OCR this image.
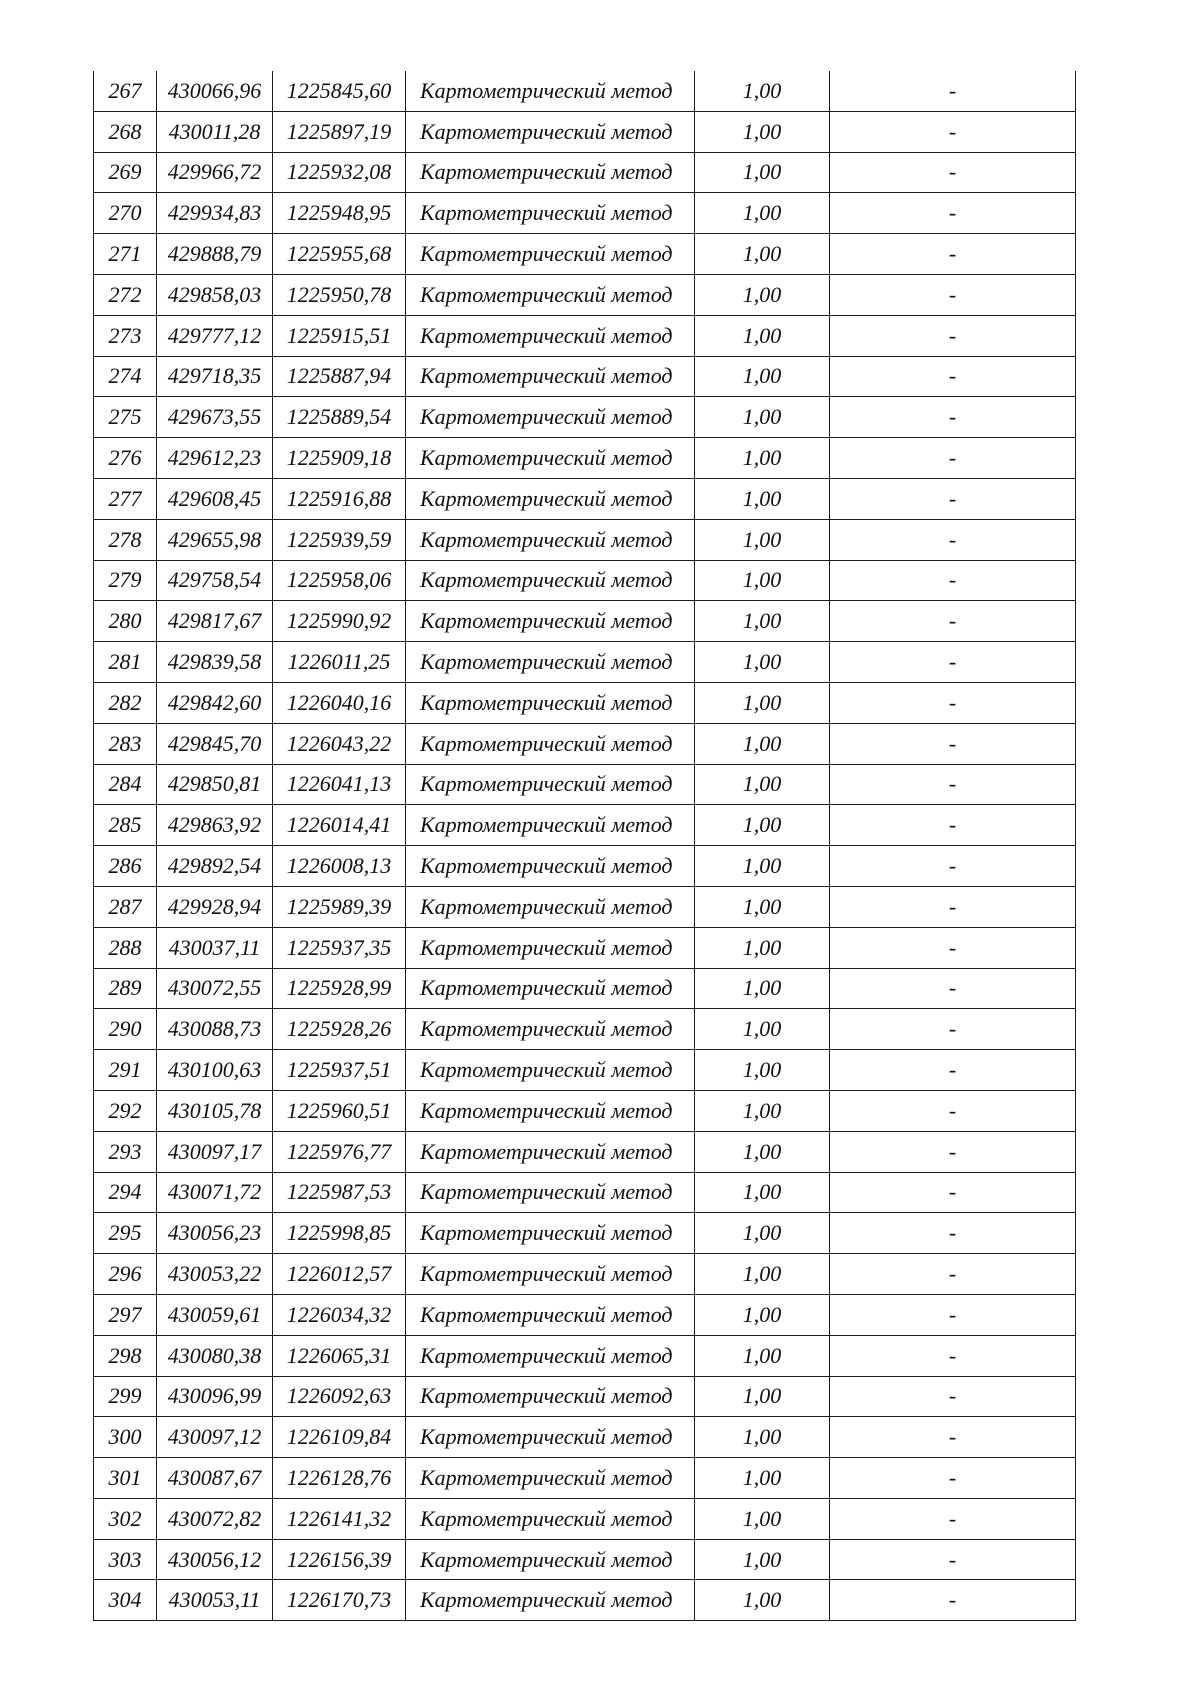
267	430066,96	1225845,60	Картометрический метод	1,00	-
268	430011,28	1225897,19	Картометрический метод	1,00	-
269	429966,72	1225932,08	Картометрический метод	1,00	-
270	429934,83	1225948,95	Картометрический метод	1,00	-
271	429888,79	1225955,68	Картометрический метод	1,00	-
272	429858,03	1225950,78	Картометрический метод	1,00	-
273	429777,12	1225915,51	Картометрический метод	1,00	-
274	429718,35	1225887,94	Картометрический метод	1,00	-
275	429673,55	1225889,54	Картометрический метод	1,00	-
276	429612,23	1225909,18	Картометрический метод	1,00	-
277	429608,45	1225916,88	Картометрический метод	1,00	-
278	429655,98	1225939,59	Картометрический метод	1,00	-
279	429758,54	1225958,06	Картометрический метод	1,00	-
280	429817,67	1225990,92	Картометрический метод	1,00	-
281	429839,58	1226011,25	Картометрический метод	1,00	-
282	429842,60	1226040,16	Картометрический метод	1,00	-
283	429845,70	1226043,22	Картометрический метод	1,00	-
284	429850,81	1226041,13	Картометрический метод	1,00	-
285	429863,92	1226014,41	Картометрический метод	1,00	-
286	429892,54	1226008,13	Картометрический метод	1,00	-
287	429928,94	1225989,39	Картометрический метод	1,00	-
288	430037,11	1225937,35	Картометрический метод	1,00	-
289	430072,55	1225928,99	Картометрический метод	1,00	-
290	430088,73	1225928,26	Картометрический метод	1,00	-
291	430100,63	1225937,51	Картометрический метод	1,00	-
292	430105,78	1225960,51	Картометрический метод	1,00	-
293	430097,17	1225976,77	Картометрический метод	1,00	-
294	430071,72	1225987,53	Картометрический метод	1,00	-
295	430056,23	1225998,85	Картометрический метод	1,00	-
296	430053,22	1226012,57	Картометрический метод	1,00	-
297	430059,61	1226034,32	Картометрический метод	1,00	-
298	430080,38	1226065,31	Картометрический метод	1,00	-
299	430096,99	1226092,63	Картометрический метод	1,00	-
300	430097,12	1226109,84	Картометрический метод	1,00	-
301	430087,67	1226128,76	Картометрический метод	1,00	-
302	430072,82	1226141,32	Картометрический метод	1,00	-
303	430056,12	1226156,39	Картометрический метод	1,00	-
304	430053,11	1226170,73	Картометрический метод	1,00	-
